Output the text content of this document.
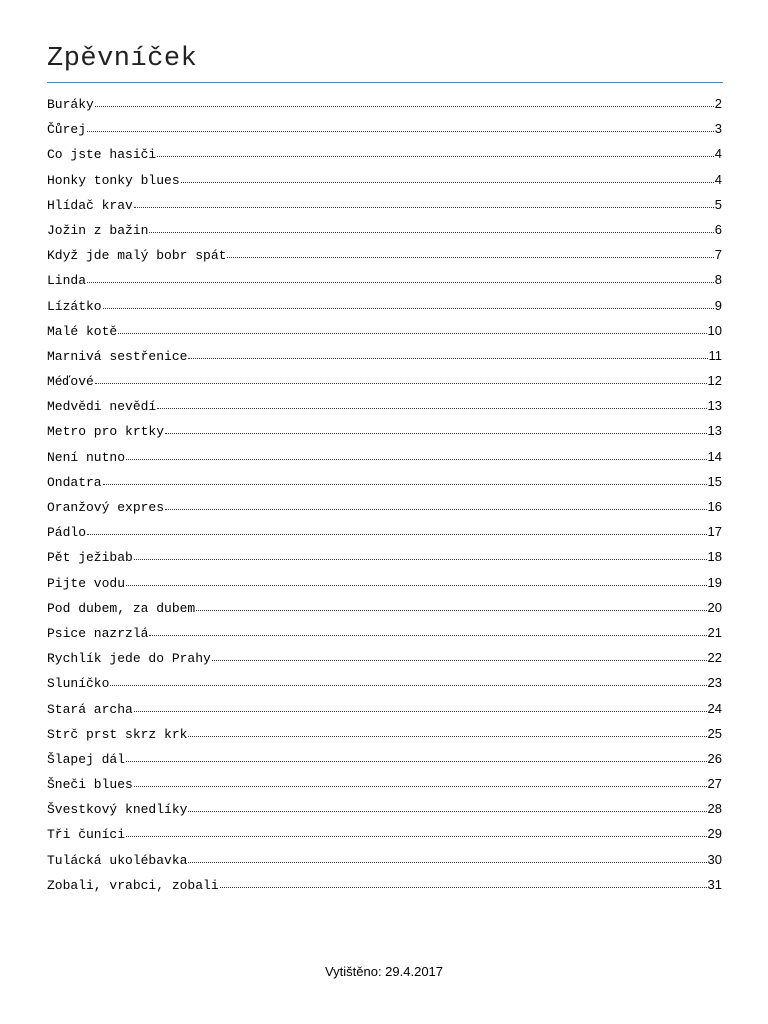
Zpěvníček
Buráky	2
Čůrej	3
Co jste hasiči	4
Honky tonky blues	4
Hlídač krav	5
Jožin z bažin	6
Když jde malý bobr spát	7
Linda	8
Lízátko	9
Malé kotě	10
Marnivá sestřenice	11
Méďové	12
Medvědi nevědí	13
Metro pro krtky	13
Není nutno	14
Ondatra	15
Oranžový expres	16
Pádlo	17
Pět ježibab	18
Pijte vodu	19
Pod dubem, za dubem	20
Psice nazrzlá	21
Rychlík jede do Prahy	22
Sluníčko	23
Stará archa	24
Strč prst skrz krk	25
Šlapej dál	26
Šneči blues	27
Švestkový knedlíky	28
Tři čuníci	29
Tulácká ukolébavka	30
Zobali, vrabci, zobali	31
Vytištěno: 29.4.2017
